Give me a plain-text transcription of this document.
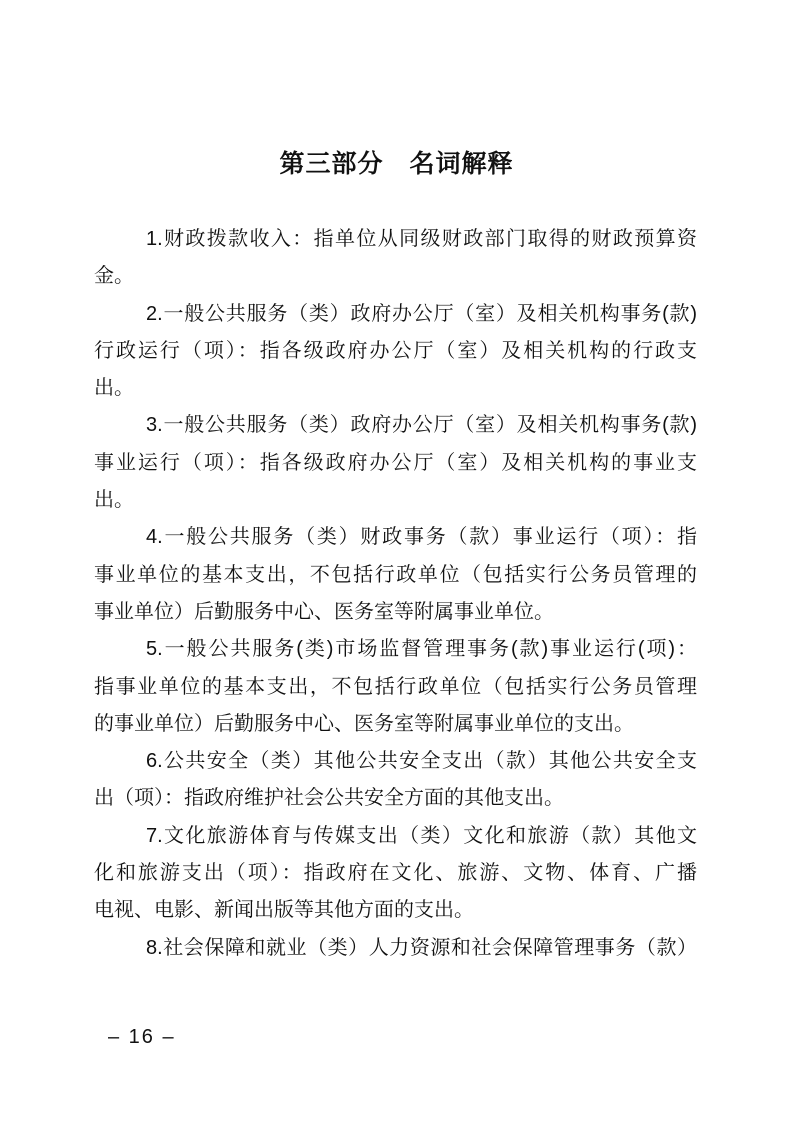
第三部分　名词解释
1.财政拨款收入：指单位从同级财政部门取得的财政预算资
金。
2.一般公共服务（类）政府办公厅（室）及相关机构事务(款)
行政运行（项）：指各级政府办公厅（室）及相关机构的行政支
出。
3.一般公共服务（类）政府办公厅（室）及相关机构事务(款)
事业运行（项）：指各级政府办公厅（室）及相关机构的事业支
出。
4.一般公共服务（类）财政事务（款）事业运行（项）：指
事业单位的基本支出，不包括行政单位（包括实行公务员管理的
事业单位）后勤服务中心、医务室等附属事业单位。
5.一般公共服务(类)市场监督管理事务(款)事业运行(项)：
指事业单位的基本支出，不包括行政单位（包括实行公务员管理
的事业单位）后勤服务中心、医务室等附属事业单位的支出。
6.公共安全（类）其他公共安全支出（款）其他公共安全支
出（项）：指政府维护社会公共安全方面的其他支出。
7.文化旅游体育与传媒支出（类）文化和旅游（款）其他文
化和旅游支出（项）：指政府在文化、旅游、文物、体育、广播
电视、电影、新闻出版等其他方面的支出。
8.社会保障和就业（类）人力资源和社会保障管理事务（款）
– 16 –
